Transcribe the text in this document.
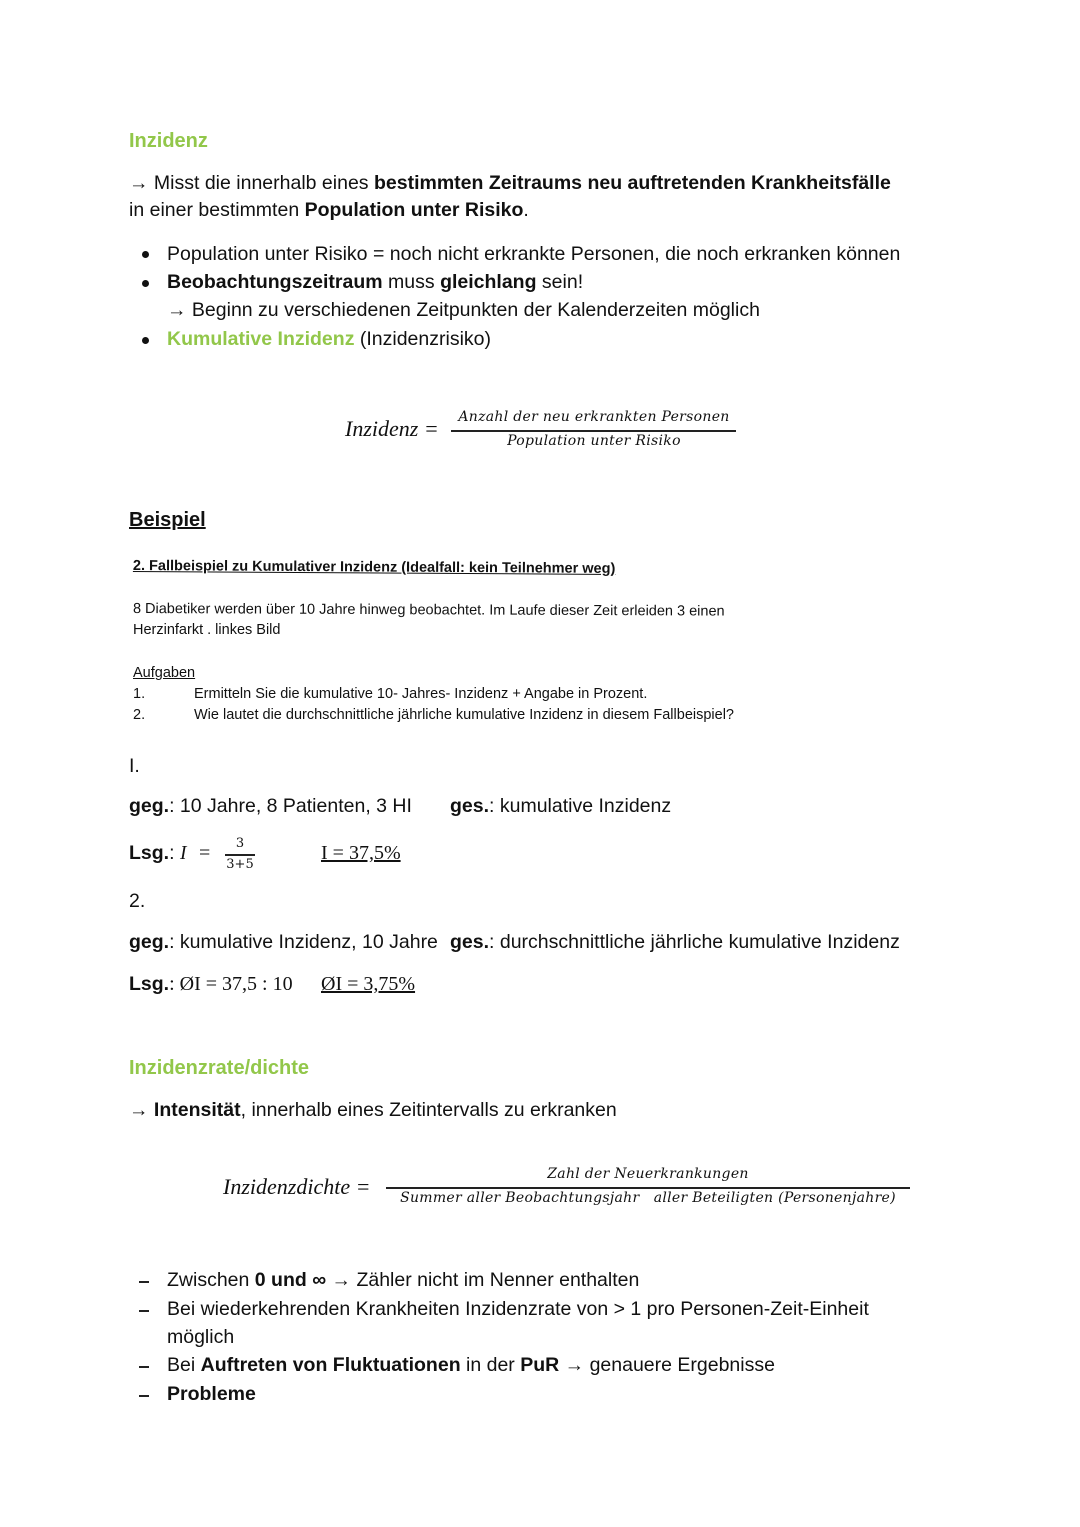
Inzidenz
→ Misst die innerhalb eines bestimmten Zeitraums neu auftretenden Krankheitsfälle
in einer bestimmten Population unter Risiko.
Population unter Risiko = noch nicht erkrankte Personen, die noch erkranken können
Beobachtungszeitraum muss gleichlang sein!
→ Beginn zu verschiedenen Zeitpunkten der Kalenderzeiten möglich
Kumulative Inzidenz (Inzidenzrisiko)
Inzidenz =	Anzahl der neu erkrankten Personen
Population unter Risiko
Beispiel
2. Fallbeispiel zu Kumulativer Inzidenz (Idealfall: kein Teilnehmer weg)
8 Diabetiker werden über 10 Jahre hinweg beobachtet. Im Laufe dieser Zeit erleiden 3 einen
Herzinfarkt . linkes Bild
Aufgaben
1.	Ermitteln Sie die kumulative 10- Jahres- Inzidenz + Angabe in Prozent.
2.	Wie lautet die durchschnittliche jährliche kumulative Inzidenz in diesem Fallbeispiel?
I.
geg.: 10 Jahre, 8 Patienten, 3 HI ges.: kumulative Inzidenz
Lsg.: I =	3
3+5
I = 37,5%
2.
geg.: kumulative Inzidenz, 10 Jahre ges.: durchschnittliche jährliche kumulative Inzidenz
Lsg.: ØI = 37,5 : 10 ØI = 3,75%
Inzidenzrate/dichte
→ Intensität, innerhalb eines Zeitintervalls zu erkranken
Inzidenzdichte =	Zahl der Neuerkrankungen
Summer aller Beobachtungsjahr   aller Beteiligten (Personenjahre)
Zwischen 0 und ∞ → Zähler nicht im Nenner enthalten
Bei wiederkehrenden Krankheiten Inzidenzrate von > 1 pro Personen-Zeit-Einheit
möglich
Bei Auftreten von Fluktuationen in der PuR → genauere Ergebnisse
Probleme
